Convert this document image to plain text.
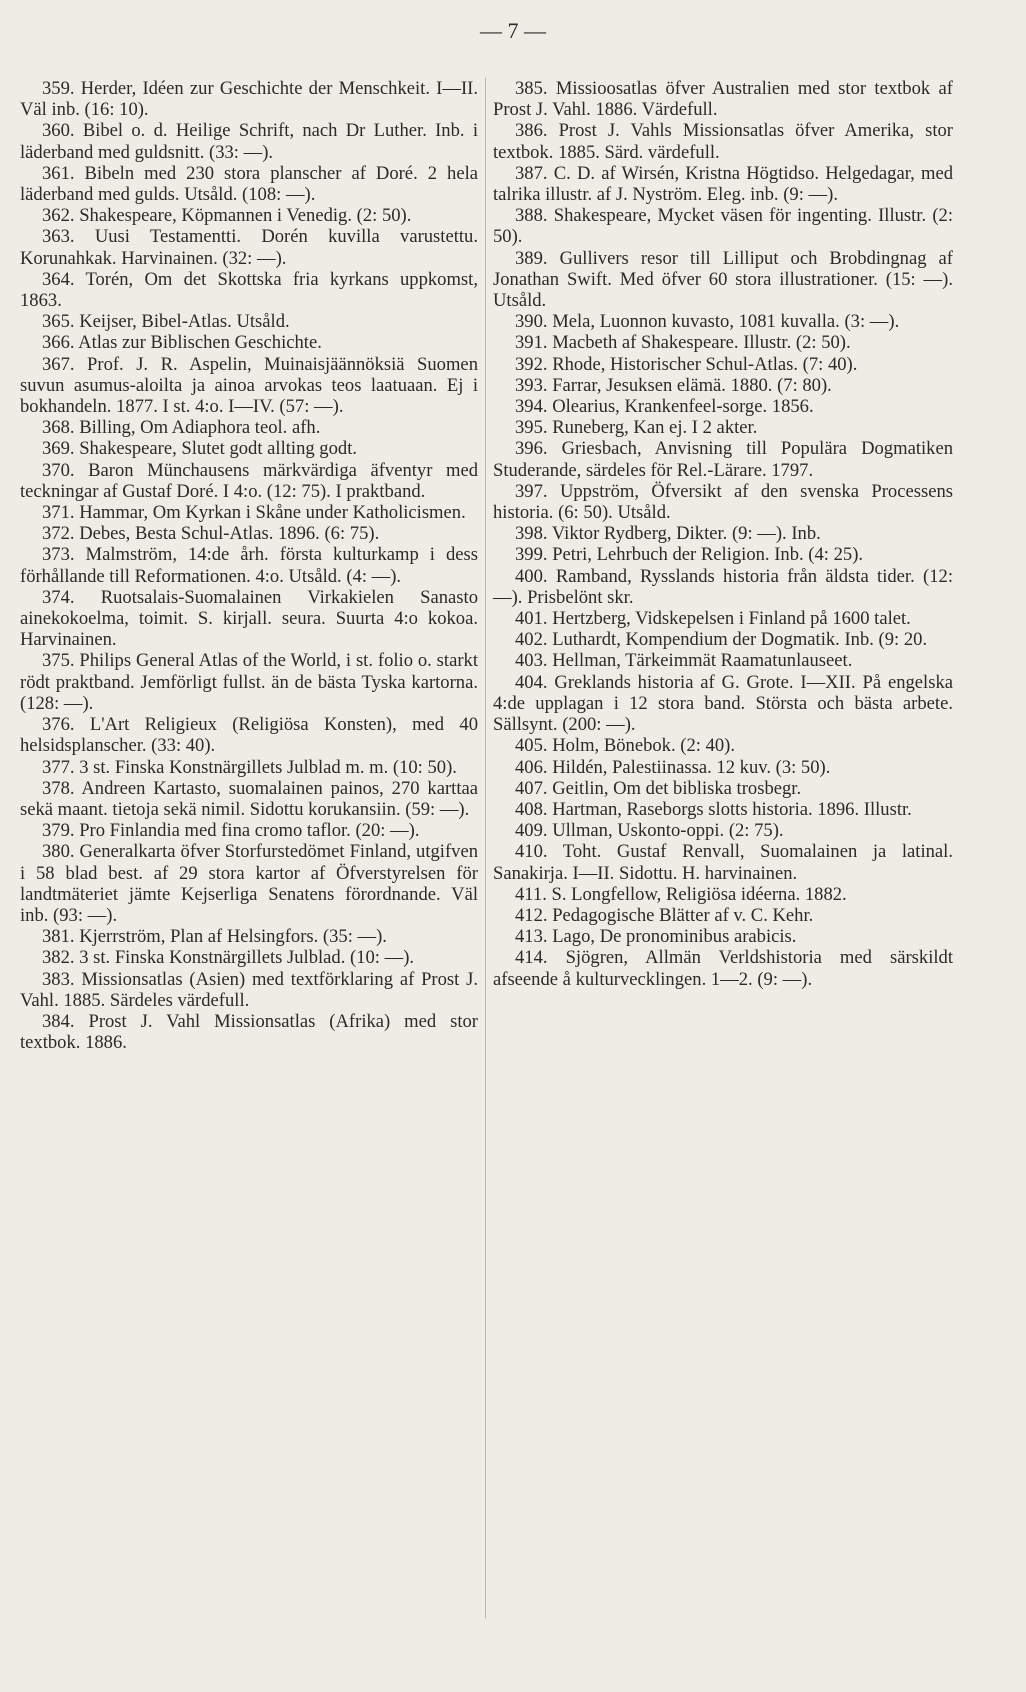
— 7 —

359. Herder, Idéen zur Geschichte der Menschkeit. I—II. Väl inb. (16: 10).

360. Bibel o. d. Heilige Schrift, nach Dr Luther. Inb. i läderband med guldsnitt. (33: —).

361. Bibeln med 230 stora planscher af Doré. 2 hela läderband med gulds. Utsåld. (108: —).

362. Shakespeare, Köpmannen i Venedig. (2: 50).

363. Uusi Testamentti. Dorén kuvilla varustettu. Korunahkak. Harvinainen. (32: —).

364. Torén, Om det Skottska fria kyrkans uppkomst, 1863.

365. Keijser, Bibel-Atlas. Utsåld.

366. Atlas zur Biblischen Geschichte.

367. Prof. J. R. Aspelin, Muinaisjäännöksiä Suomen suvun asumus-aloilta ja ainoa arvokas teos laatuaan. Ej i bokhandeln. 1877. I st. 4:o. I—IV. (57: —).

368. Billing, Om Adiaphora teol. afh.

369. Shakespeare, Slutet godt allting godt.

370. Baron Münchausens märkvärdiga äfventyr med teckningar af Gustaf Doré. I 4:o. (12: 75). I praktband.

371. Hammar, Om Kyrkan i Skåne under Katholicismen.

372. Debes, Besta Schul-Atlas. 1896. (6: 75).

373. Malmström, 14:de årh. första kulturkamp i dess förhållande till Reformationen. 4:o. Utsåld. (4: —).

374. Ruotsalais-Suomalainen Virkakielen Sanasto ainekokoelma, toimit. S. kirjall. seura. Suurta 4:o kokoa. Harvinainen.

375. Philips General Atlas of the World, i st. folio o. starkt rödt praktband. Jemförligt fullst. än de bästa Tyska kartorna. (128: —).

376. L'Art Religieux (Religiösa Konsten), med 40 helsidsplanscher. (33: 40).

377. 3 st. Finska Konstnärgillets Julblad m. m. (10: 50).

378. Andreen Kartasto, suomalainen painos, 270 karttaa sekä maant. tietoja sekä nimil. Sidottu korukansiin. (59: —).

379. Pro Finlandia med fina cromo taflor. (20: —).

380. Generalkarta öfver Storfurstedömet Finland, utgifven i 58 blad best. af 29 stora kartor af Öfverstyrelsen för landtmäteriet jämte Kejserliga Senatens förordnande. Väl inb. (93: —).

381. Kjerrström, Plan af Helsingfors. (35: —).

382. 3 st. Finska Konstnärgillets Julblad. (10: —).

383. Missionsatlas (Asien) med textförklaring af Prost J. Vahl. 1885. Särdeles värdefull.

384. Prost J. Vahl Missionsatlas (Afrika) med stor textbok. 1886.

385. Missioosatlas öfver Australien med stor textbok af Prost J. Vahl. 1886. Värdefull.

386. Prost J. Vahls Missionsatlas öfver Amerika, stor textbok. 1885. Särd. värdefull.

387. C. D. af Wirsén, Kristna Högtidso. Helgedagar, med talrika illustr. af J. Nyström. Eleg. inb. (9: —).

388. Shakespeare, Mycket väsen för ingenting. Illustr. (2: 50).

389. Gullivers resor till Lilliput och Brobdingnag af Jonathan Swift. Med öfver 60 stora illustrationer. (15: —). Utsåld.

390. Mela, Luonnon kuvasto, 1081 kuvalla. (3: —).

391. Macbeth af Shakespeare. Illustr. (2: 50).

392. Rhode, Historischer Schul-Atlas. (7: 40).

393. Farrar, Jesuksen elämä. 1880. (7: 80).

394. Olearius, Krankenfeel-sorge. 1856.

395. Runeberg, Kan ej. I 2 akter.

396. Griesbach, Anvisning till Populära Dogmatiken Studerande, särdeles för Rel.-Lärare. 1797.

397. Uppström, Öfversikt af den svenska Processens historia. (6: 50). Utsåld.

398. Viktor Rydberg, Dikter. (9: —). Inb.

399. Petri, Lehrbuch der Religion. Inb. (4: 25).

400. Ramband, Rysslands historia från äldsta tider. (12: —). Prisbelönt skr.

401. Hertzberg, Vidskepelsen i Finland på 1600 talet.

402. Luthardt, Kompendium der Dogmatik. Inb. (9: 20.

403. Hellman, Tärkeimmät Raamatunlauseet.

404. Greklands historia af G. Grote. I—XII. På engelska 4:de upplagan i 12 stora band. Största och bästa arbete. Sällsynt. (200: —).

405. Holm, Bönebok. (2: 40).

406. Hildén, Palestiinassa. 12 kuv. (3: 50).

407. Geitlin, Om det bibliska trosbegr.

408. Hartman, Raseborgs slotts historia. 1896. Illustr.

409. Ullman, Uskonto-oppi. (2: 75).

410. Toht. Gustaf Renvall, Suomalainen ja latinal. Sanakirja. I—II. Sidottu. H. harvinainen.

411. S. Longfellow, Religiösa idéerna. 1882.

412. Pedagogische Blätter af v. C. Kehr.

413. Lago, De pronominibus arabicis.

414. Sjögren, Allmän Verldshistoria med särskildt afseende å kulturvecklingen. 1—2. (9: —).
